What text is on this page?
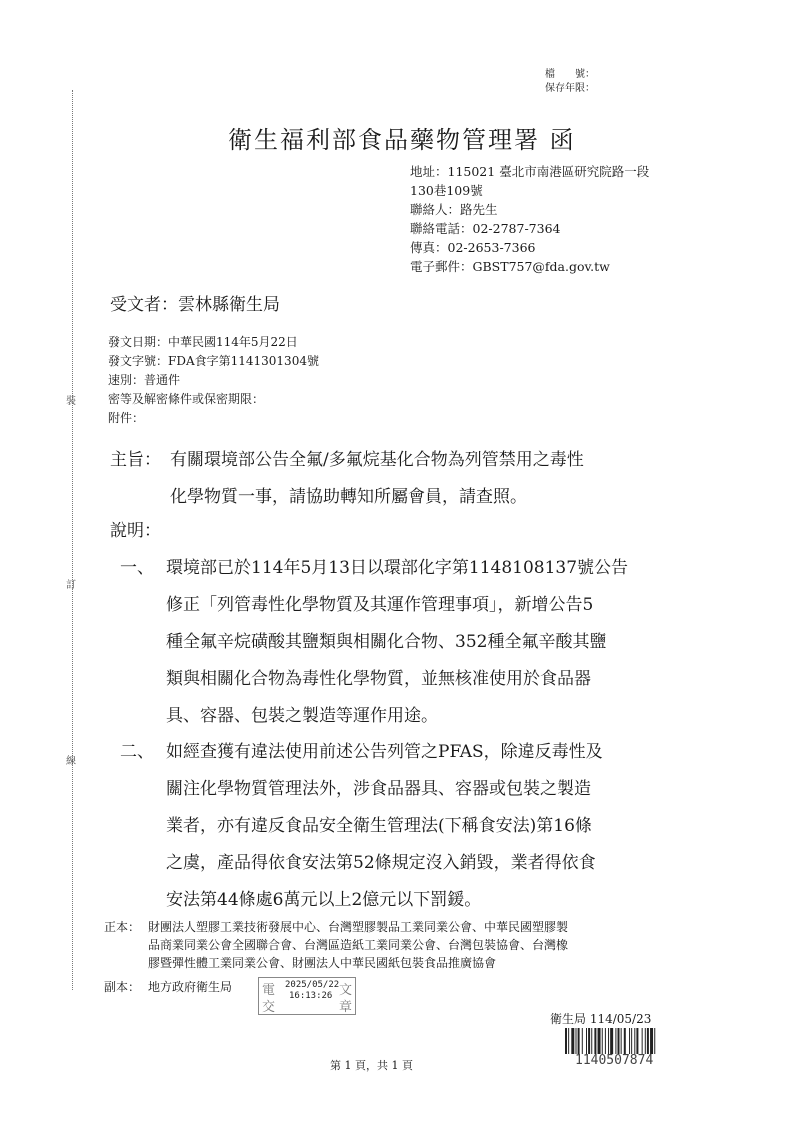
裝
訂
線
檔　　號：
保存年限：
衛生福利部食品藥物管理署 函
地址：115021 臺北市南港區研究院路一段
130巷109號
聯絡人：路先生
聯絡電話：02-2787-7364
傳真：02-2653-7366
電子郵件：GBST757@fda.gov.tw
受文者：雲林縣衛生局
發文日期：中華民國114年5月22日
發文字號：FDA食字第1141301304號
速別：普通件
密等及解密條件或保密期限：
附件：
主旨： 有關環境部公告全氟/多氟烷基化合物為列管禁用之毒性
化學物質一事，請協助轉知所屬會員，請查照。
說明：
一、 環境部已於114年5月13日以環部化字第1148108137號公告
修正「列管毒性化學物質及其運作管理事項」，新增公告5
種全氟辛烷磺酸其鹽類與相關化合物、352種全氟辛酸其鹽
類與相關化合物為毒性化學物質，並無核准使用於食品器
具、容器、包裝之製造等運作用途。
二、 如經查獲有違法使用前述公告列管之PFAS，除違反毒性及
關注化學物質管理法外，涉食品器具、容器或包裝之製造
業者，亦有違反食品安全衛生管理法(下稱食安法)第16條
之虞，產品得依食安法第52條規定沒入銷毀，業者得依食
安法第44條處6萬元以上2億元以下罰鍰。
正本： 財團法人塑膠工業技術發展中心、台灣塑膠製品工業同業公會、中華民國塑膠製
品商業同業公會全國聯合會、台灣區造紙工業同業公會、台灣包裝協會、台灣橡
膠暨彈性體工業同業公會、財團法人中華民國紙包裝食品推廣協會
副本： 地方政府衛生局	電
交
文
章
2025/05/22
16:13:26
衛生局 114/05/23
1140507874
第 1 頁，共 1 頁
